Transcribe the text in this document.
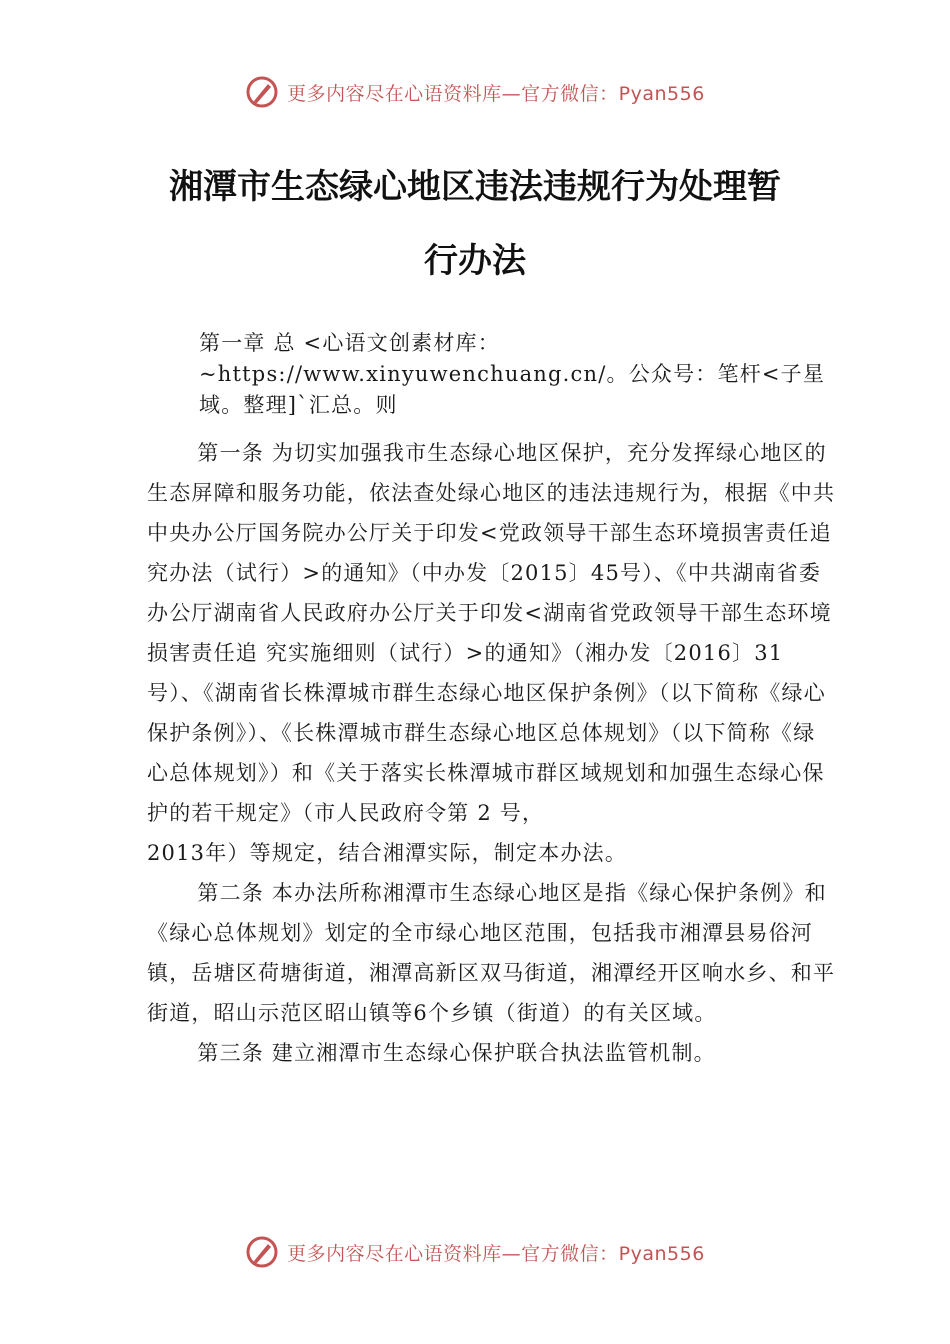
更多内容尽在心语资料库—官方微信：Pyan556
湘潭市生态绿心地区违法违规行为处理暂
行办法

第一章 总 <心语文创素材库：
~https://www.xinyuwenchuang.cn/。公众号：笔杆<子星
域。整理]`汇总。则

第一条 为切实加强我市生态绿心地区保护，充分发挥绿心地区的生态屏障和服务功能，依法查处绿心地区的违法违规行为，根据《中共中央办公厅国务院办公厅关于印发<党政领导干部生态环境损害责任追究办法（试行）>的通知》（中办发〔2015〕45号）、《中共湖南省委办公厅湖南省人民政府办公厅关于印发<湖南省党政领导干部生态环境损害责任追 究实施细则（试行）>的通知》（湘办发〔2016〕31号）、《湖南省长株潭城市群生态绿心地区保护条例》（以下简称《绿心保护条例》）、《长株潭城市群生态绿心地区总体规划》（以下简称《绿心总体规划》）和《关于落实长株潭城市群区域规划和加强生态绿心保护的若干规定》（市人民政府令第 2 号，

2013年）等规定，结合湘潭实际，制定本办法。

第二条 本办法所称湘潭市生态绿心地区是指《绿心保护条例》和《绿心总体规划》划定的全市绿心地区范围，包括我市湘潭县易俗河镇，岳塘区荷塘街道，湘潭高新区双马街道，湘潭经开区响水乡、和平街道，昭山示范区昭山镇等6个乡镇（街道）的有关区域。

第三条 建立湘潭市生态绿心保护联合执法监管机制。

更多内容尽在心语资料库—官方微信：Pyan556
